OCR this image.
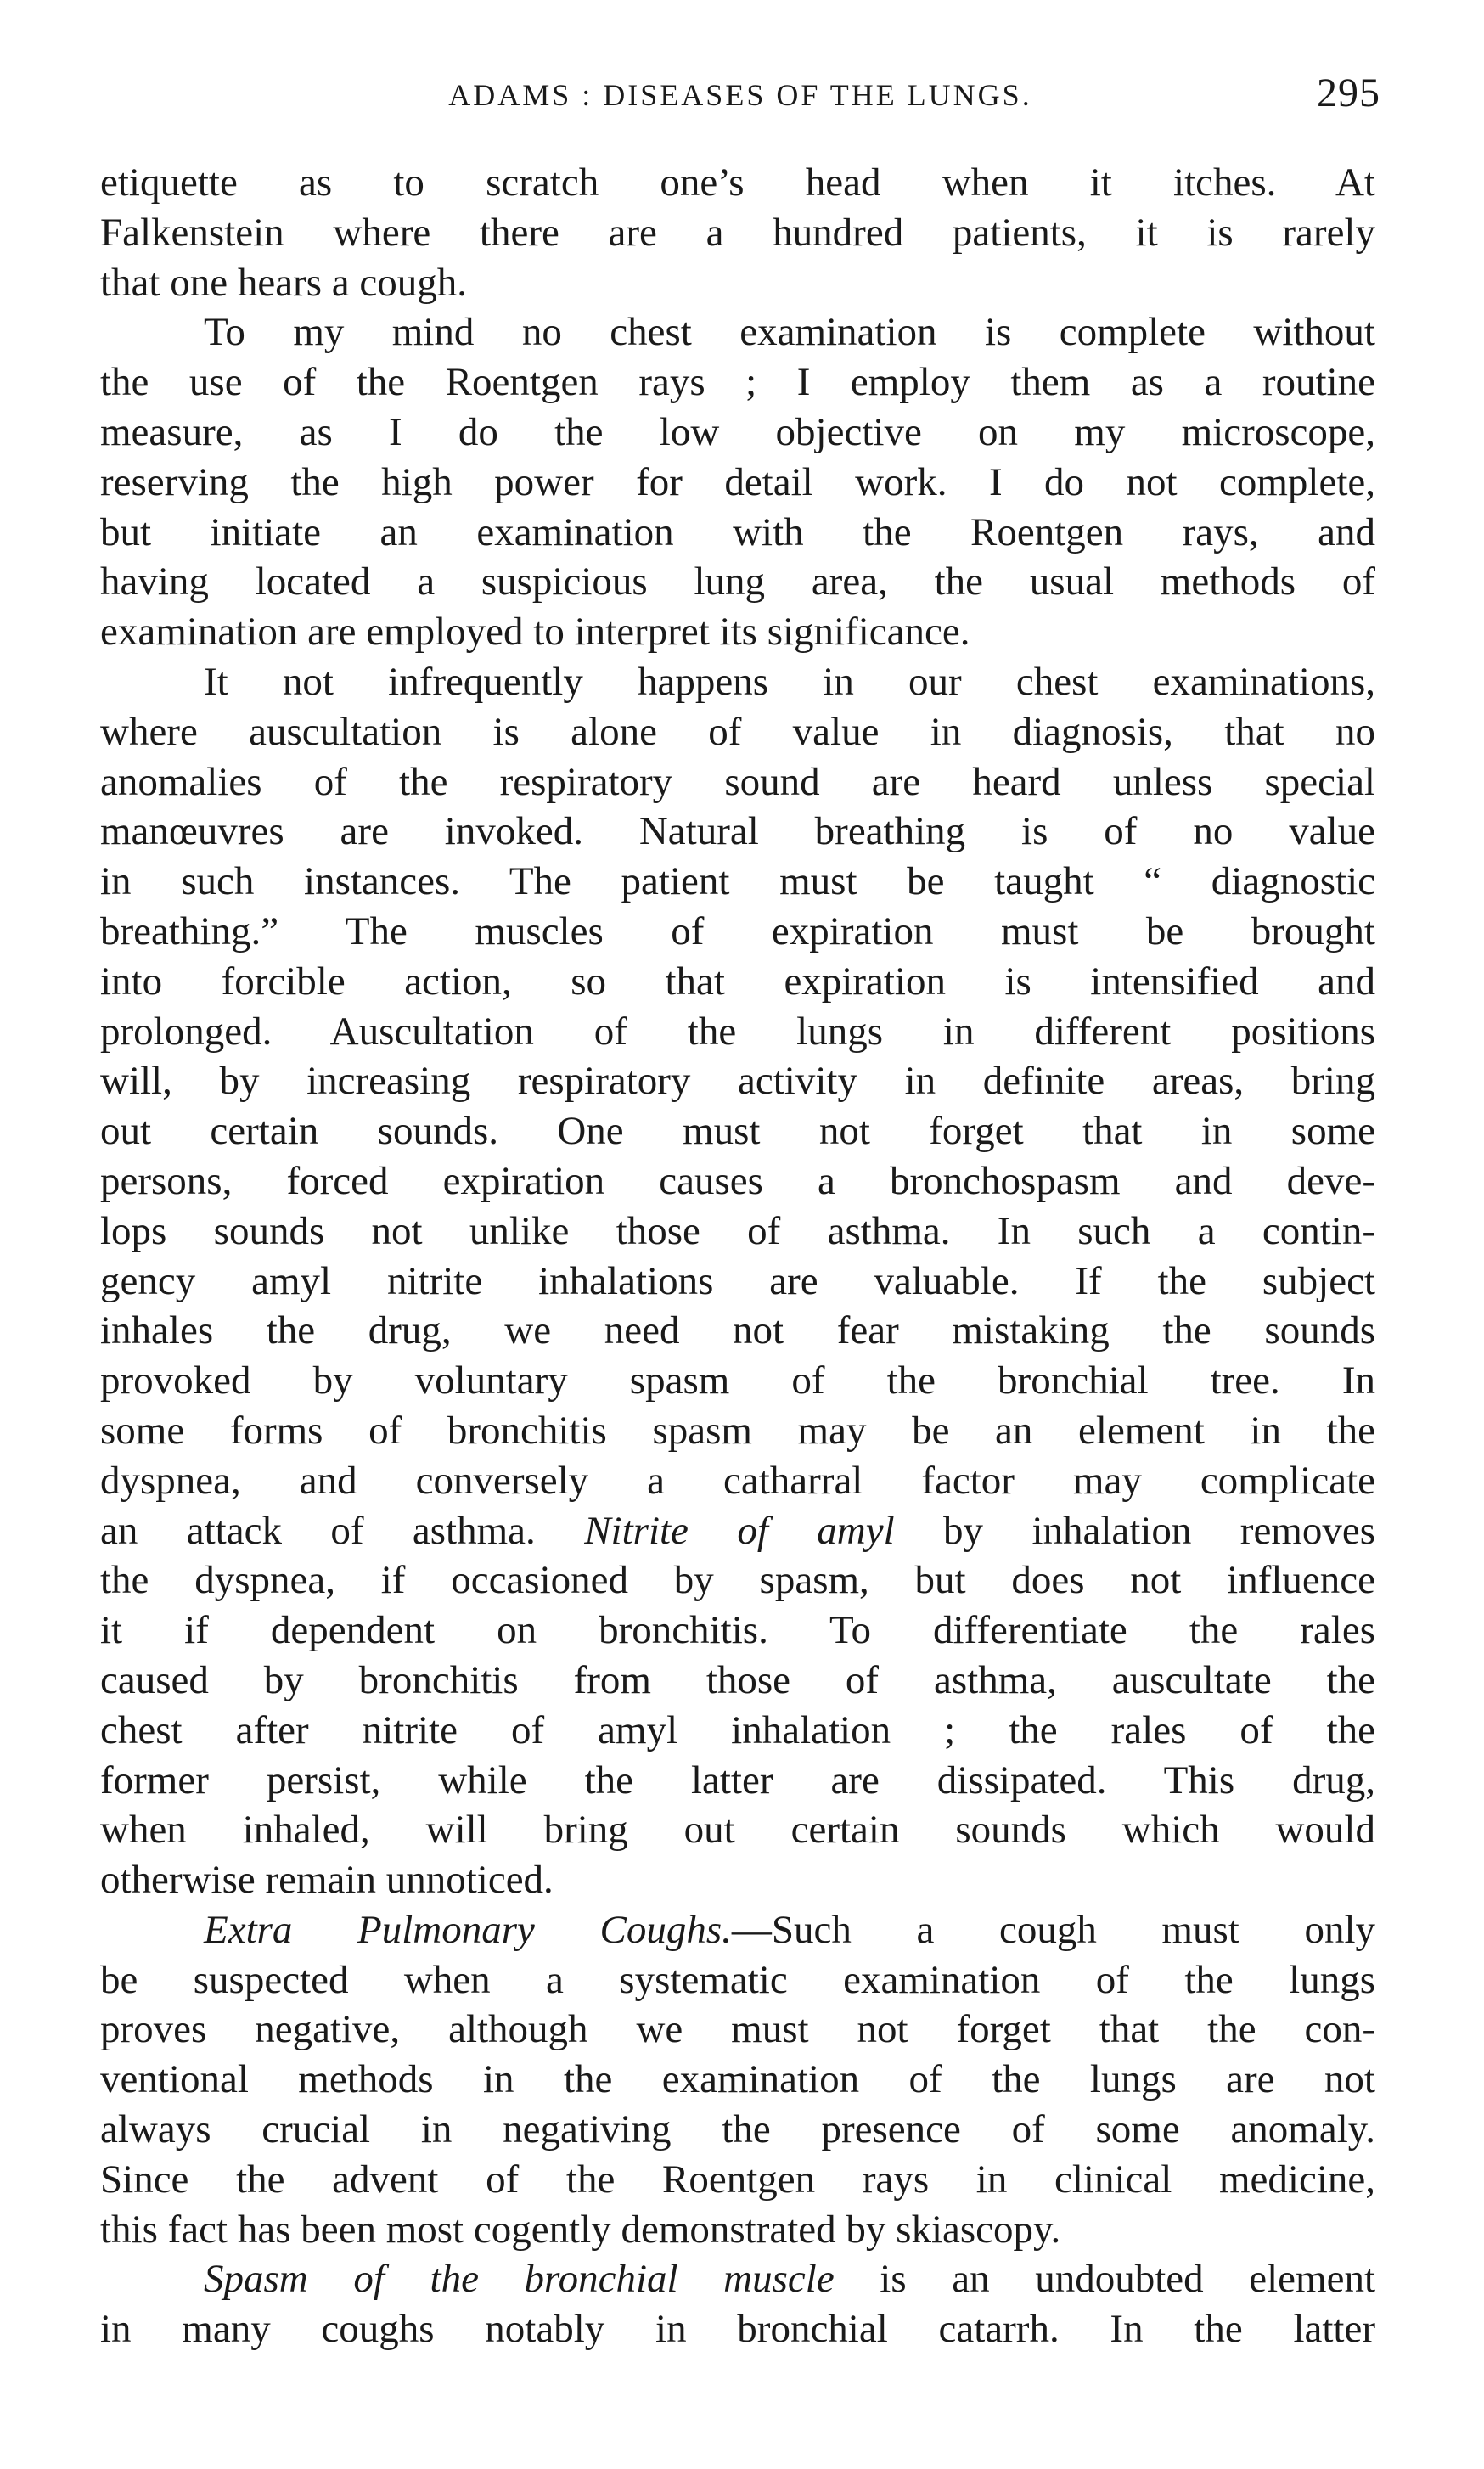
ADAMS : DISEASES OF THE LUNGS.	295
etiquette as to scratch one’s head when it itches. At
Falkenstein where there are a hundred patients, it is rarely
that one hears a cough.
To my mind no chest examination is complete without
the use of the Roentgen rays ; I employ them as a routine
measure, as I do the low objective on my microscope,
reserving the high power for detail work. I do not complete,
but initiate an examination with the Roentgen rays, and
having located a suspicious lung area, the usual methods of
examination are employed to interpret its significance.
It not infrequently happens in our chest examinations,
where auscultation is alone of value in diagnosis, that no
anomalies of the respiratory sound are heard unless special
manœuvres are invoked. Natural breathing is of no value
in such instances. The patient must be taught “ diagnostic
breathing.” The muscles of expiration must be brought
into forcible action, so that expiration is intensified and
prolonged. Auscultation of the lungs in different positions
will, by increasing respiratory activity in definite areas, bring
out certain sounds. One must not forget that in some
persons, forced expiration causes a bronchospasm and deve-
lops sounds not unlike those of asthma. In such a contin-
gency amyl nitrite inhalations are valuable. If the subject
inhales the drug, we need not fear mistaking the sounds
provoked by voluntary spasm of the bronchial tree. In
some forms of bronchitis spasm may be an element in the
dyspnea, and conversely a catharral factor may complicate
an attack of asthma. Nitrite of amyl by inhalation removes
the dyspnea, if occasioned by spasm, but does not influence
it if dependent on bronchitis. To differentiate the rales
caused by bronchitis from those of asthma, auscultate the
chest after nitrite of amyl inhalation ; the rales of the
former persist, while the latter are dissipated. This drug,
when inhaled, will bring out certain sounds which would
otherwise remain unnoticed.
Extra Pulmonary Coughs.—Such a cough must only
be suspected when a systematic examination of the lungs
proves negative, although we must not forget that the con-
ventional methods in the examination of the lungs are not
always crucial in negativing the presence of some anomaly.
Since the advent of the Roentgen rays in clinical medicine,
this fact has been most cogently demonstrated by skiascopy.
Spasm of the bronchial muscle is an undoubted element
in many coughs notably in bronchial catarrh. In the latter
